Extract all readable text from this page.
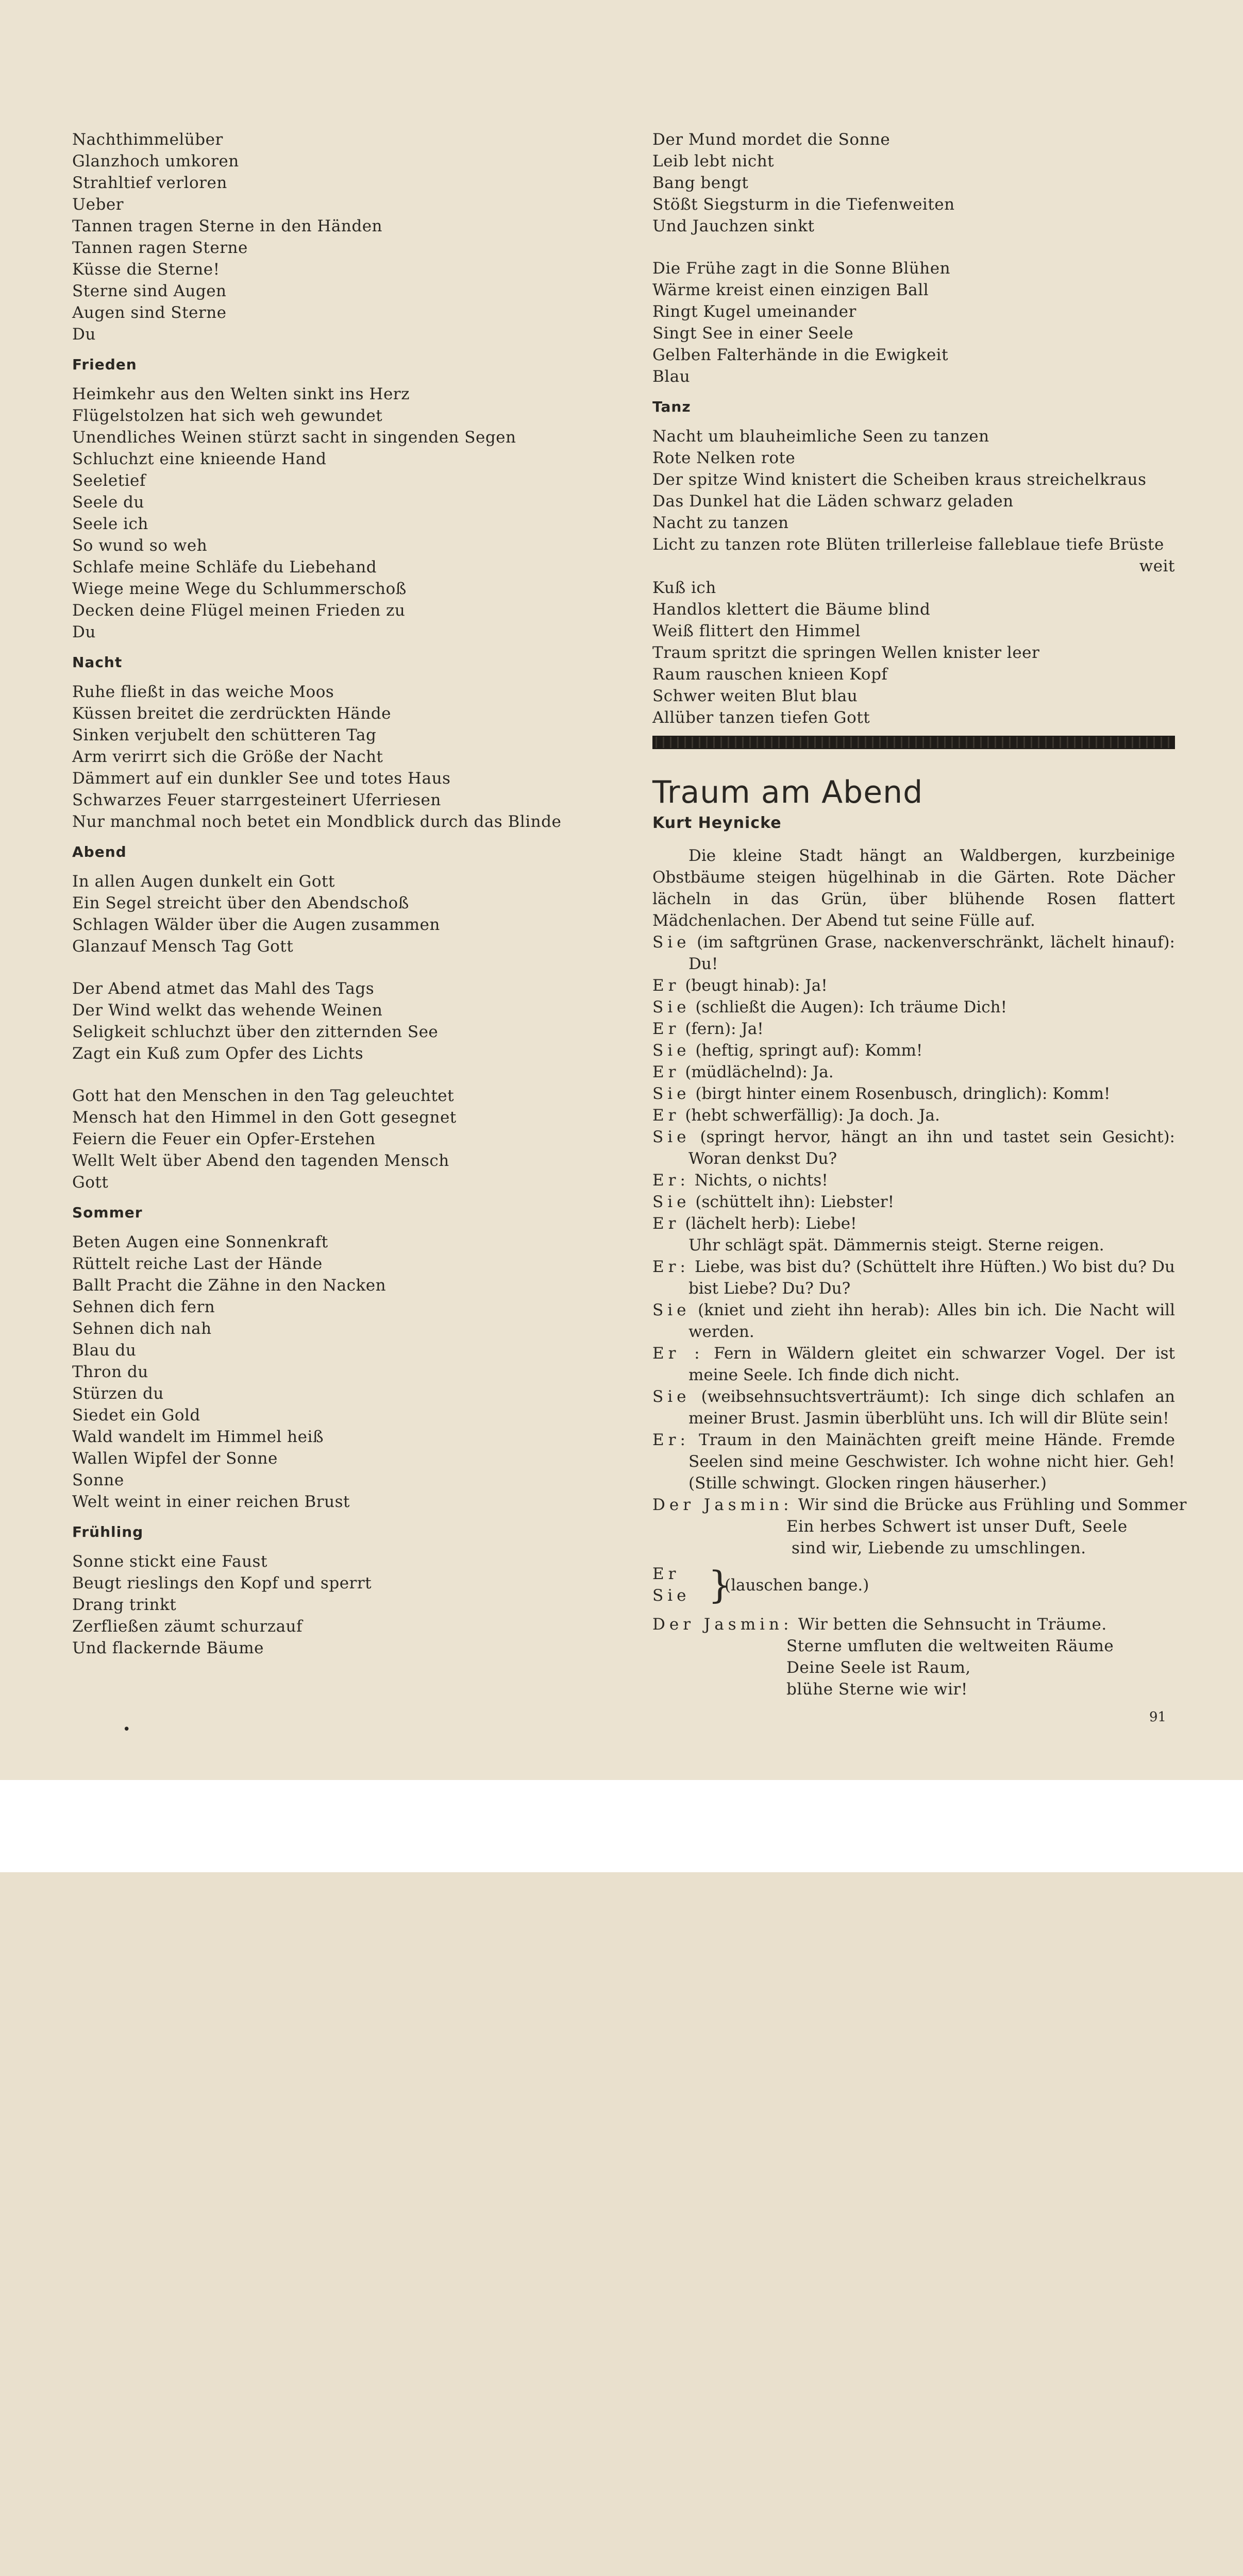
Nachthimmelüber
Glanzhoch umkoren
Strahltief verloren
Ueber
Tannen tragen Sterne in den Händen
Tannen ragen Sterne
Küsse die Sterne!
Sterne sind Augen
Augen sind Sterne
Du
Frieden
Heimkehr aus den Welten sinkt ins Herz
Flügelstolzen hat sich weh gewundet
Unendliches Weinen stürzt sacht in singenden Segen
Schluchzt eine knieende Hand
Seeletief
Seele du
Seele ich
So wund so weh
Schlafe meine Schläfe du Liebehand
Wiege meine Wege du Schlummerschoß
Decken deine Flügel meinen Frieden zu
Du
Nacht
Ruhe fließt in das weiche Moos
Küssen breitet die zerdrückten Hände
Sinken verjubelt den schütteren Tag
Arm verirrt sich die Größe der Nacht
Dämmert auf ein dunkler See und totes Haus
Schwarzes Feuer starrgesteinert Uferriesen
Nur manchmal noch betet ein Mondblick durch das Blinde
Abend
In allen Augen dunkelt ein Gott
Ein Segel streicht über den Abendschoß
Schlagen Wälder über die Augen zusammen
Glanzauf Mensch Tag Gott
Der Abend atmet das Mahl des Tags
Der Wind welkt das wehende Weinen
Seligkeit schluchzt über den zitternden See
Zagt ein Kuß zum Opfer des Lichts
Gott hat den Menschen in den Tag geleuchtet
Mensch hat den Himmel in den Gott gesegnet
Feiern die Feuer ein Opfer-Erstehen
Wellt Welt über Abend den tagenden Mensch
Gott
Sommer
Beten Augen eine Sonnenkraft
Rüttelt reiche Last der Hände
Ballt Pracht die Zähne in den Nacken
Sehnen dich fern
Sehnen dich nah
Blau du
Thron du
Stürzen du
Siedet ein Gold
Wald wandelt im Himmel heiß
Wallen Wipfel der Sonne
Sonne
Welt weint in einer reichen Brust
Frühling
Sonne stickt eine Faust
Beugt rieslings den Kopf und sperrt
Drang trinkt
Zerfließen zäumt schurzauf
Und flackernde Bäume
Der Mund mordet die Sonne
Leib lebt nicht
Bang bengt
Stößt Siegsturm in die Tiefenweiten
Und Jauchzen sinkt
Die Frühe zagt in die Sonne Blühen
Wärme kreist einen einzigen Ball
Ringt Kugel umeinander
Singt See in einer Seele
Gelben Falterhände in die Ewigkeit
Blau
Tanz
Nacht um blauheimliche Seen zu tanzen
Rote Nelken rote
Der spitze Wind knistert die Scheiben kraus streichelkraus
Das Dunkel hat die Läden schwarz geladen
Nacht zu tanzen
Licht zu tanzen rote Blüten trillerleise falleblaue tiefe Brüste
weit
Kuß ich
Handlos klettert die Bäume blind
Weiß flittert den Himmel
Traum spritzt die springen Wellen knister leer
Raum rauschen knieen Kopf
Schwer weiten Blut blau
Allüber tanzen tiefen Gott
Traum am Abend
Kurt Heynicke
Die kleine Stadt hängt an Waldbergen, kurzbeinige Obstbäume steigen hügelhinab in die Gärten. Rote Dächer lächeln in das Grün, über blühende Rosen flattert Mädchenlachen. Der Abend tut seine Fülle auf.
Sie (im saftgrünen Grase, nackenverschränkt, lächelt hinauf): Du!
Er (beugt hinab): Ja!
Sie (schließt die Augen): Ich träume Dich!
Er (fern): Ja!
Sie (heftig, springt auf): Komm!
Er (müdlächelnd): Ja.
Sie (birgt hinter einem Rosenbusch, dringlich): Komm!
Er (hebt schwerfällig): Ja doch. Ja.
Sie (springt hervor, hängt an ihn und tastet sein Gesicht): Woran denkst Du?
Er: Nichts, o nichts!
Sie (schüttelt ihn): Liebster!
Er (lächelt herb): Liebe!
Uhr schlägt spät. Dämmernis steigt. Sterne reigen.
Er: Liebe, was bist du? (Schüttelt ihre Hüften.) Wo bist du? Du bist Liebe? Du? Du?
Sie (kniet und zieht ihn herab): Alles bin ich. Die Nacht will werden.
Er : Fern in Wäldern gleitet ein schwarzer Vogel. Der ist meine Seele. Ich finde dich nicht.
Sie (weibsehnsuchtsverträumt): Ich singe dich schlafen an meiner Brust. Jasmin überblüht uns. Ich will dir Blüte sein!
Er: Traum in den Mainächten greift meine Hände. Fremde Seelen sind meine Geschwister. Ich wohne nicht hier. Geh! (Stille schwingt. Glocken ringen häuserher.)
Der Jasmin: Wir sind die Brücke aus Frühling und Sommer
Ein herbes Schwert ist unser Duft, Seele
sind wir, Liebende zu umschlingen.
Er
Sie }
(lauschen bange.)
Der Jasmin: Wir betten die Sehnsucht in Träume.
Sterne umfluten die weltweiten Räume
Deine Seele ist Raum,
blühe Sterne wie wir!
•
91
